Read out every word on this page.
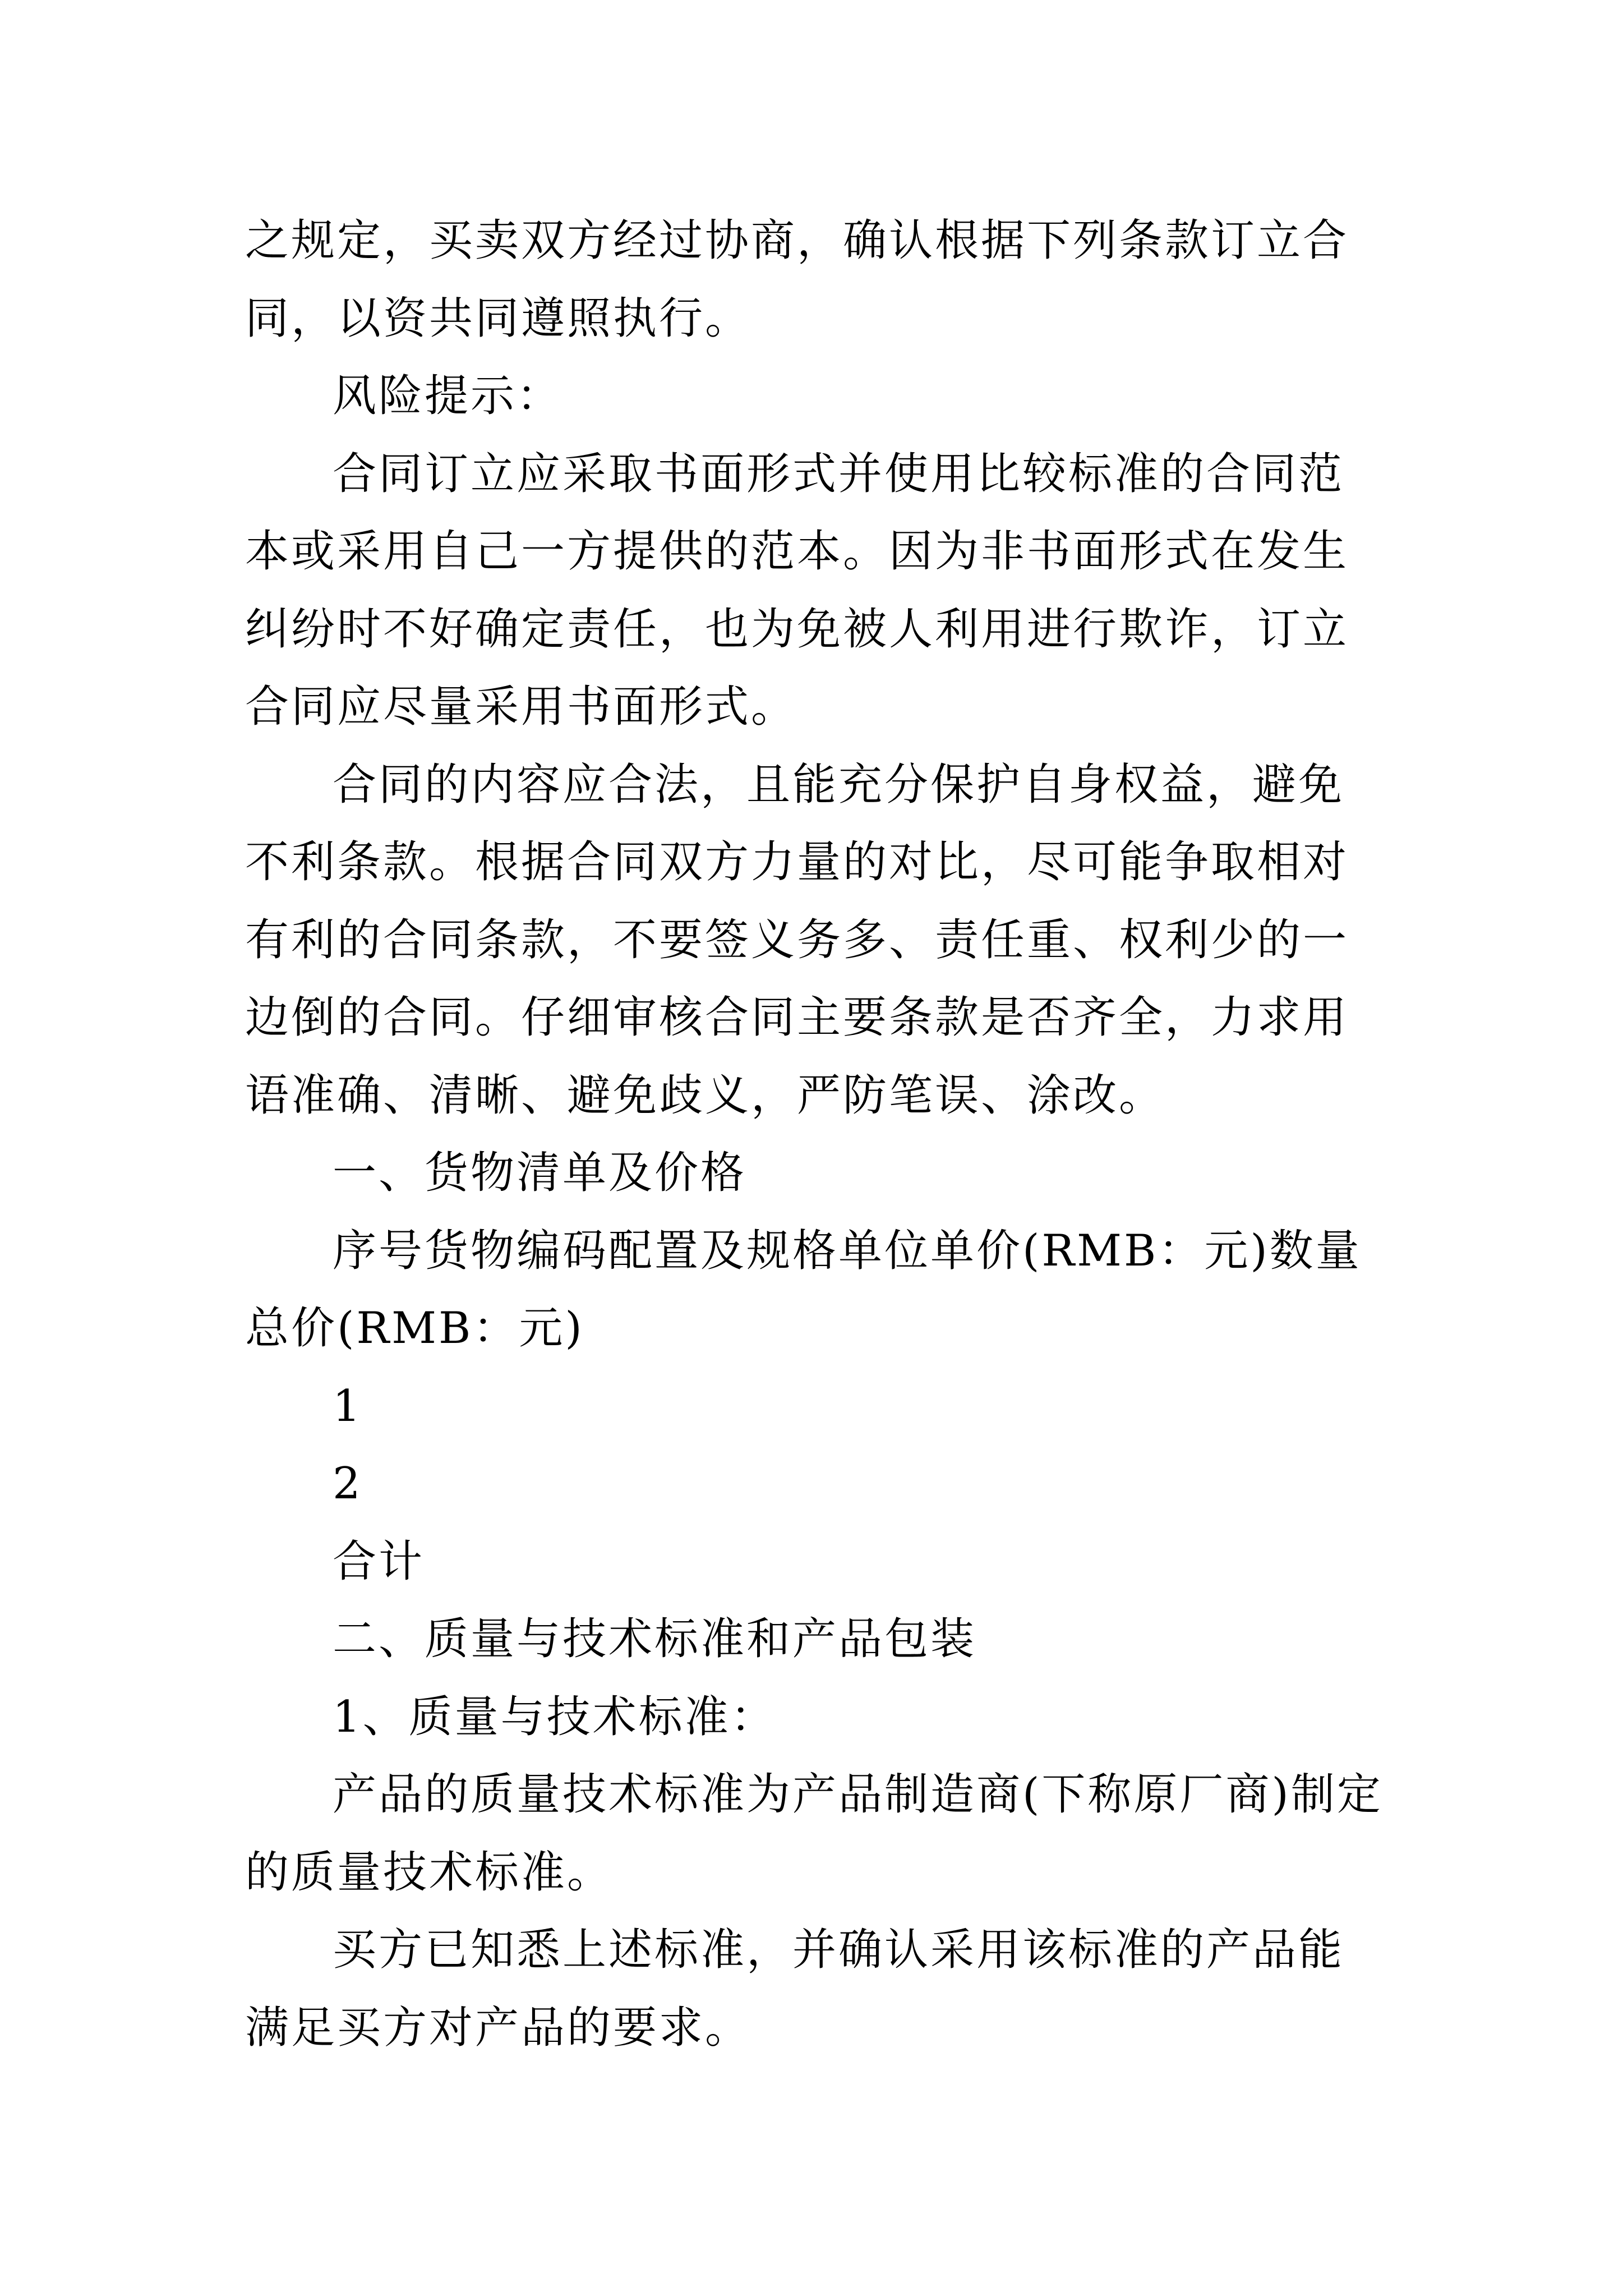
之规定，买卖双方经过协商，确认根据下列条款订立合同，以资共同遵照执行。

风险提示：

合同订立应采取书面形式并使用比较标准的合同范本或采用自己一方提供的范本。因为非书面形式在发生纠纷时不好确定责任，也为免被人利用进行欺诈，订立合同应尽量采用书面形式。

合同的内容应合法，且能充分保护自身权益，避免不利条款。根据合同双方力量的对比，尽可能争取相对有利的合同条款，不要签义务多、责任重、权利少的一边倒的合同。仔细审核合同主要条款是否齐全，力求用语准确、清晰、避免歧义，严防笔误、涂改。

一、货物清单及价格

序号货物编码配置及规格单位单价(RMB：元)数量总价(RMB：元)

1

2

合计

二、质量与技术标准和产品包装

1、质量与技术标准：

产品的质量技术标准为产品制造商(下称原厂商)制定的质量技术标准。

买方已知悉上述标准，并确认采用该标准的产品能满足买方对产品的要求。
